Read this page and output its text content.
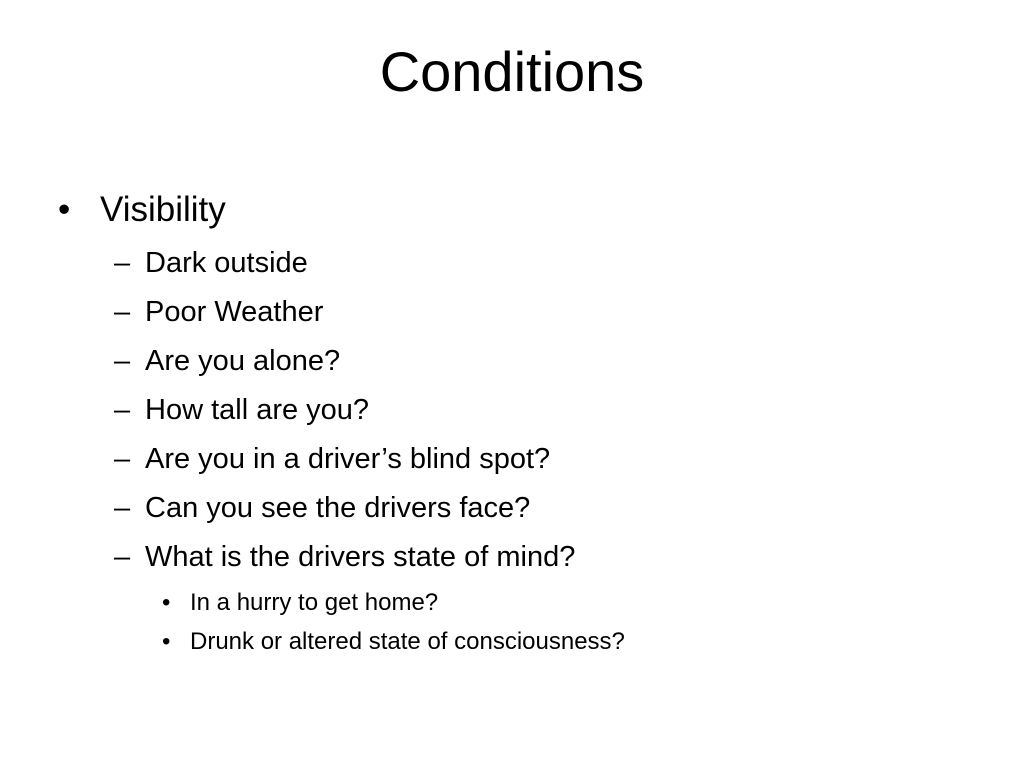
Conditions
• Visibility
– Dark outside
– Poor Weather
– Are you alone?
– How tall are you?
– Are you in a driver’s blind spot?
– Can you see the drivers face?
– What is the drivers state of mind?
• In a hurry to get home?
• Drunk or altered state of consciousness?
